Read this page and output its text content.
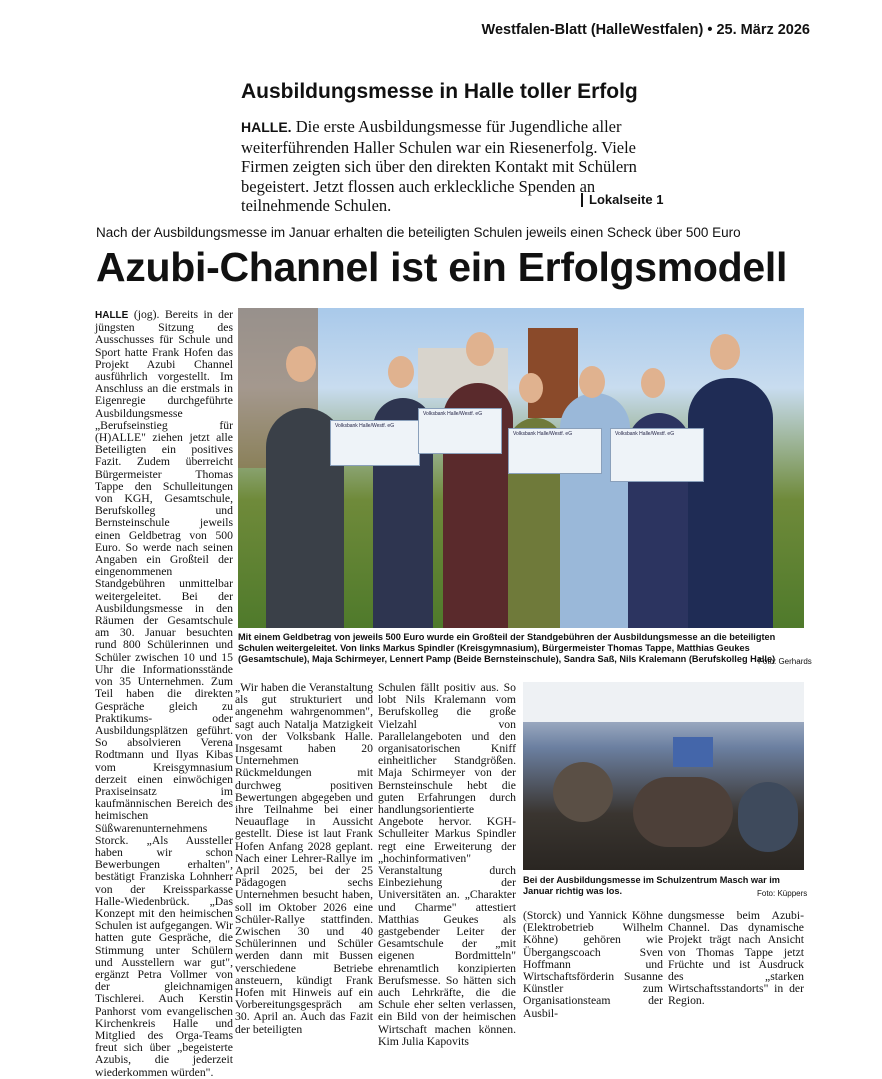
Westfalen-Blatt (HalleWestfalen) • 25. März 2026
Ausbildungsmesse in Halle toller Erfolg
HALLE. Die erste Ausbildungsmesse für Jugendliche aller weiterführenden Haller Schulen war ein Riesenerfolg. Viele Firmen zeigten sich über den direkten Kontakt mit Schülern begeistert. Jetzt flossen auch erkleckliche Spenden an teilnehmende Schulen.	Lokalseite 1
Nach der Ausbildungsmesse im Januar erhalten die beteiligten Schulen jeweils einen Scheck über 500 Euro
Azubi-Channel ist ein Erfolgsmodell
HALLE (jog). Bereits in der jüngsten Sitzung des Ausschusses für Schule und Sport hatte Frank Hofen das Projekt Azubi Channel ausführlich vorgestellt. Im Anschluss an die erstmals in Eigenregie durchgeführte Ausbildungsmesse „Berufseinstieg für (H)ALLE" ziehen jetzt alle Beteiligten ein positives Fazit. Zudem überreicht Bürgermeister Thomas Tappe den Schulleitungen von KGH, Gesamtschule, Berufskolleg und Bernsteinschule jeweils einen Geldbetrag von 500 Euro. So werde nach seinen Angaben ein Großteil der eingenommenen Standgebühren unmittelbar weitergeleitet. Bei der Ausbildungsmesse in den Räumen der Gesamtschule am 30. Januar besuchten rund 800 Schülerinnen und Schüler zwischen 10 und 15 Uhr die Informationsstände von 35 Unternehmen. Zum Teil haben die direkten Gespräche gleich zu Praktikums- oder Ausbildungsplätzen geführt. So absolvieren Verena Rodtmann und Ilyas Kibas vom Kreisgymnasium derzeit einen einwöchigen Praxiseinsatz im kaufmännischen Bereich des heimischen Süßwarenunternehmens Storck. „Als Aussteller haben wir schon Bewerbungen erhalten", bestätigt Franziska Lohnherr von der Kreissparkasse Halle-Wiedenbrück. „Das Konzept mit den heimischen Schulen ist aufgegangen. Wir hatten gute Gespräche, die Stimmung unter Schülern und Ausstellern war gut", ergänzt Petra Vollmer von der gleichnamigen Tischlerei. Auch Kerstin Panhorst vom evangelischen Kirchenkreis Halle und Mitglied des Orga-Teams freut sich über „begeisterte Azubis, die jederzeit wiederkommen würden".
Volksbank Halle/Westf. eG
Volksbank Halle/Westf. eG
Volksbank Halle/Westf. eG	Volksbank Halle/Westf. eG
Mit einem Geldbetrag von jeweils 500 Euro wurde ein Großteil der Standgebühren der Ausbildungsmesse an die beteiligten Schulen weitergeleitet. Von links Markus Spindler (Kreisgymnasium), Bürgermeister Thomas Tappe, Matthias Geukes (Gesamtschule), Maja Schirmeyer, Lennert Pamp (Beide Bernsteinschule), Sandra Saß, Nils Kralemann (Berufskolleg Halle)
Foto: Gerhards
„Wir haben die Veranstaltung als gut strukturiert und angenehm wahrgenommen", sagt auch Natalja Matzigkeit von der Volksbank Halle. Insgesamt haben 20 Unternehmen Rückmeldungen mit durchweg positiven Bewertungen abgegeben und ihre Teilnahme bei einer Neuauflage in Aussicht gestellt. Diese ist laut Frank Hofen Anfang 2028 geplant. Nach einer Lehrer-Rallye im April 2025, bei der 25 Pädagogen sechs Unternehmen besucht haben, soll im Oktober 2026 eine Schüler-Rallye stattfinden. Zwischen 30 und 40 Schülerinnen und Schüler werden dann mit Bussen verschiedene Betriebe ansteuern, kündigt Frank Hofen mit Hinweis auf ein Vorbereitungsgespräch am 30. April an. Auch das Fazit der beteiligten
Schulen fällt positiv aus. So lobt Nils Kralemann vom Berufskolleg die große Vielzahl von Parallelangeboten und den organisatorischen Kniff einheitlicher Standgrößen. Maja Schirmeyer von der Bernsteinschule hebt die guten Erfahrungen durch handlungsorientierte Angebote hervor. KGH-Schulleiter Markus Spindler regt eine Erweiterung der „hochinformativen" Veranstaltung durch Einbeziehung der Universitäten an. „Charakter und Charme" attestiert Matthias Geukes als gastgebender Leiter der Gesamtschule der „mit eigenen Bordmitteln" ehrenamtlich konzipierten Berufsmesse. So hätten sich auch Lehrkräfte, die die Schule eher selten verlassen, ein Bild von der heimischen Wirtschaft machen können. Kim Julia Kapovits
Bei der Ausbildungsmesse im Schulzentrum Masch war im Januar richtig was los.	Foto: Küppers
(Storck) und Yannick Köhne (Elektrobetrieb Wilhelm Köhne) gehören wie Übergangscoach Sven Hoffmann und Wirtschaftsförderin Susanne Künstler zum Organisationsteam der Ausbil-
dungsmesse beim Azubi-Channel. Das dynamische Projekt trägt nach Ansicht von Thomas Tappe jetzt Früchte und ist Ausdruck des „starken Wirtschaftsstandorts" in der Region.
